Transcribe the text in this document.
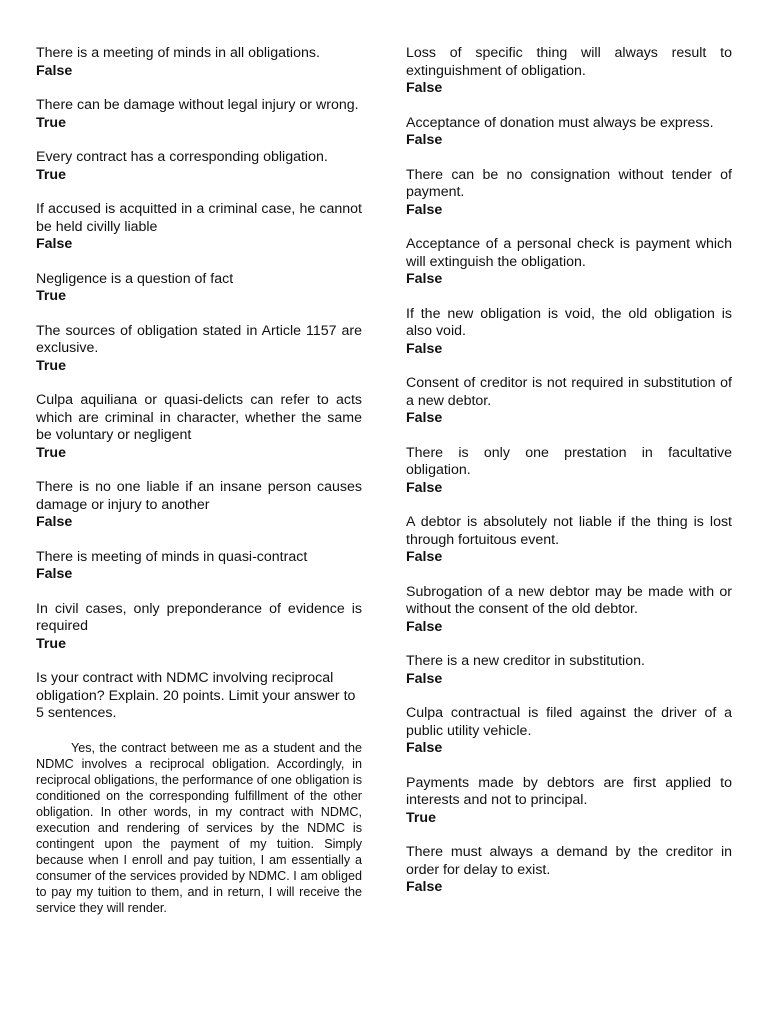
There is a meeting of minds in all obligations.

False

There can be damage without legal injury or wrong.

True

Every contract has a corresponding obligation.

True

If accused is acquitted in a criminal case, he cannot be held civilly liable

False

Negligence is a question of fact

True

The sources of obligation stated in Article 1157 are exclusive.

True

Culpa aquiliana or quasi-delicts can refer to acts which are criminal in character, whether the same be voluntary or negligent

True

There is no one liable if an insane person causes damage or injury to another

False

There is meeting of minds in quasi-contract

False

In civil cases, only preponderance of evidence is required

True

Is your contract with NDMC involving reciprocal obligation? Explain. 20 points. Limit your answer to 5 sentences.

Yes, the contract between me as a student and the NDMC involves a reciprocal obligation. Accordingly, in reciprocal obligations, the performance of one obligation is conditioned on the corresponding fulfillment of the other obligation. In other words, in my contract with NDMC, execution and rendering of services by the NDMC is contingent upon the payment of my tuition. Simply because when I enroll and pay tuition, I am essentially a consumer of the services provided by NDMC. I am obliged to pay my tuition to them, and in return, I will receive the service they will render.

Loss of specific thing will always result to extinguishment of obligation.

False

Acceptance of donation must always be express.

False

There can be no consignation without tender of payment.

False

Acceptance of a personal check is payment which will extinguish the obligation.

False

If the new obligation is void, the old obligation is also void.

False

Consent of creditor is not required in substitution of a new debtor.

False

There is only one prestation in facultative obligation.

False

A debtor is absolutely not liable if the thing is lost through fortuitous event.

False

Subrogation of a new debtor may be made with or without the consent of the old debtor.

False

There is a new creditor in substitution.

False

Culpa contractual is filed against the driver of a public utility vehicle.

False

Payments made by debtors are first applied to interests and not to principal.

True

There must always a demand by the creditor in order for delay to exist.

False
